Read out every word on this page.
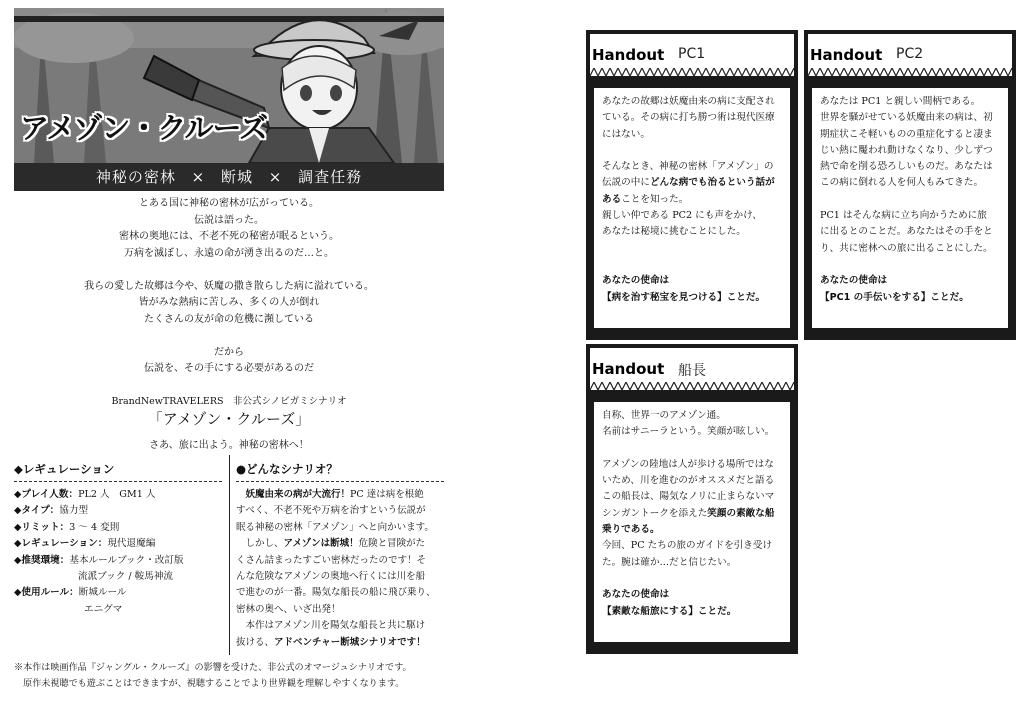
アメゾン・クルーズ
神秘の密林 × 断城 × 調査任務
とある国に神秘の密林が広がっている。
伝説は語った。
密林の奥地には、不老不死の秘密が眠るという。
万病を滅ぼし、永遠の命が湧き出るのだ…と。
我らの愛した故郷は今や、妖魔の撒き散らした病に溢れている。
皆がみな熱病に苦しみ、多くの人が倒れ
たくさんの友が命の危機に瀕している
だから
伝説を、その手にする必要があるのだ
BrandNewTRAVELERS　非公式シノビガミシナリオ
「アメゾン・クルーズ」
さあ、旅に出よう。神秘の密林へ！
◆レギュレーション	●どんなシナリオ？
◆プレイ人数：PL2 人　GM1 人
◆タイプ：協力型
◆リミット：3 ～ 4 変則
◆レギュレーション：現代退魔編
◆推奨環境：基本ルールブック・改訂版
流派ブック / 鞍馬神流
◆使用ルール：断城ルール
エニグマ
　妖魔由来の病が大流行！PC 達は病を根絶
すべく、不老不死や万病を治すという伝説が
眠る神秘の密林「アメゾン」へと向かいます。
　しかし、アメゾンは断城！危険と冒険がた
くさん詰まったすごい密林だったのです！そ
んな危険なアメゾンの奥地へ行くには川を船
で進むのが一番。陽気な船長の船に飛び乗り、
密林の奥へ、いざ出発！
　本作はアメゾン川を陽気な船長と共に駆け
抜ける、アドベンチャー断城シナリオです！
※本作は映画作品『ジャングル・クルーズ』の影響を受けた、非公式のオマージュシナリオです。
　原作未視聴でも遊ぶことはできますが、視聴することでより世界観を理解しやすくなります。
Handout PC1
あなたの故郷は妖魔由来の病に支配され
ている。その病に打ち勝つ術は現代医療
にはない。
そんなとき、神秘の密林「アメゾン」の
伝説の中にどんな病でも治るという話が
あることを知った。
親しい仲である PC2 にも声をかけ、
あなたは秘境に挑むことにした。
あなたの使命は
【病を治す秘宝を見つける】ことだ。
Handout PC2
あなたは PC1 と親しい間柄である。
世界を騒がせている妖魔由来の病は、初
期症状こそ軽いものの重症化すると凄ま
じい熱に魘われ動けなくなり、少しずつ
熱で命を削る恐ろしいものだ。あなたは
この病に倒れる人を何人もみてきた。
PC1 はそんな病に立ち向かうために旅
に出るとのことだ。あなたはその手をと
り、共に密林への旅に出ることにした。
あなたの使命は
【PC1 の手伝いをする】ことだ。
Handout 船長
自称、世界一のアメゾン通。
名前はサニーラという。笑顔が眩しい。
アメゾンの陸地は人が歩ける場所ではな
いため、川を進むのがオススメだと語る
この船長は、陽気なノリに止まらないマ
シンガントークを添えた笑顔の素敵な船
乗りである。
今回、PC たちの旅のガイドを引き受け
た。腕は確か…だと信じたい。
あなたの使命は
【素敵な船旅にする】ことだ。
